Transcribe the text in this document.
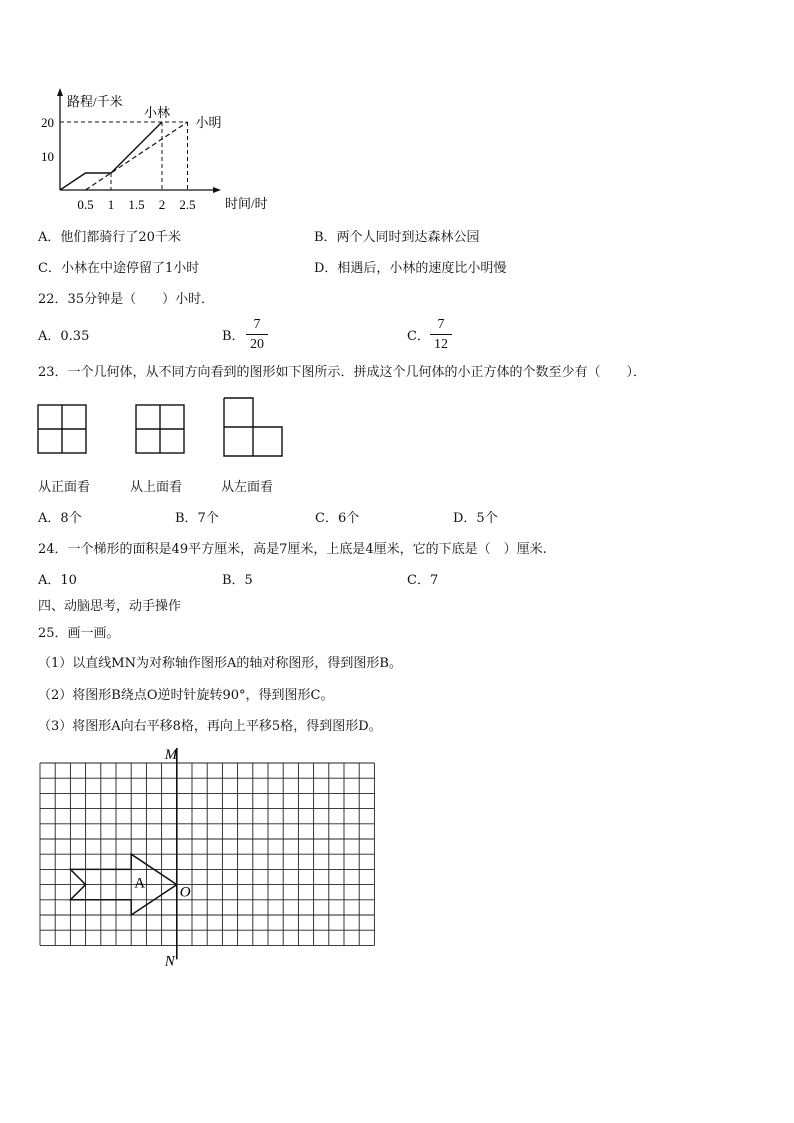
路程/千米
时间/时
20
10
0.5 1 1.5 2 2.5
小林
小明
A．他们都骑行了20千米	B．两个人同时到达森林公园
C．小林在中途停留了1小时	D．相遇后，小林的速度比小明慢
22．35分钟是（　　）小时．
A．0.35	B．
7
20
C．
7
12
23．一个几何体，从不同方向看到的图形如下图所示．拼成这个几何体的小正方体的个数至少有（　　）．
从正面看	从上面看	从左面看
A．8个	B．7个	C．6个	D．5个
24．一个梯形的面积是49平方厘米，高是7厘米，上底是4厘米，它的下底是（　）厘米.
A．10	B．5	C．7
四、动脑思考，动手操作
25．画一画。
（1）以直线MN为对称轴作图形A的轴对称图形，得到图形B。
（2）将图形B绕点O逆时针旋转90°，得到图形C。
（3）将图形A向右平移8格，再向上平移5格，得到图形D。
M
N
O
A
